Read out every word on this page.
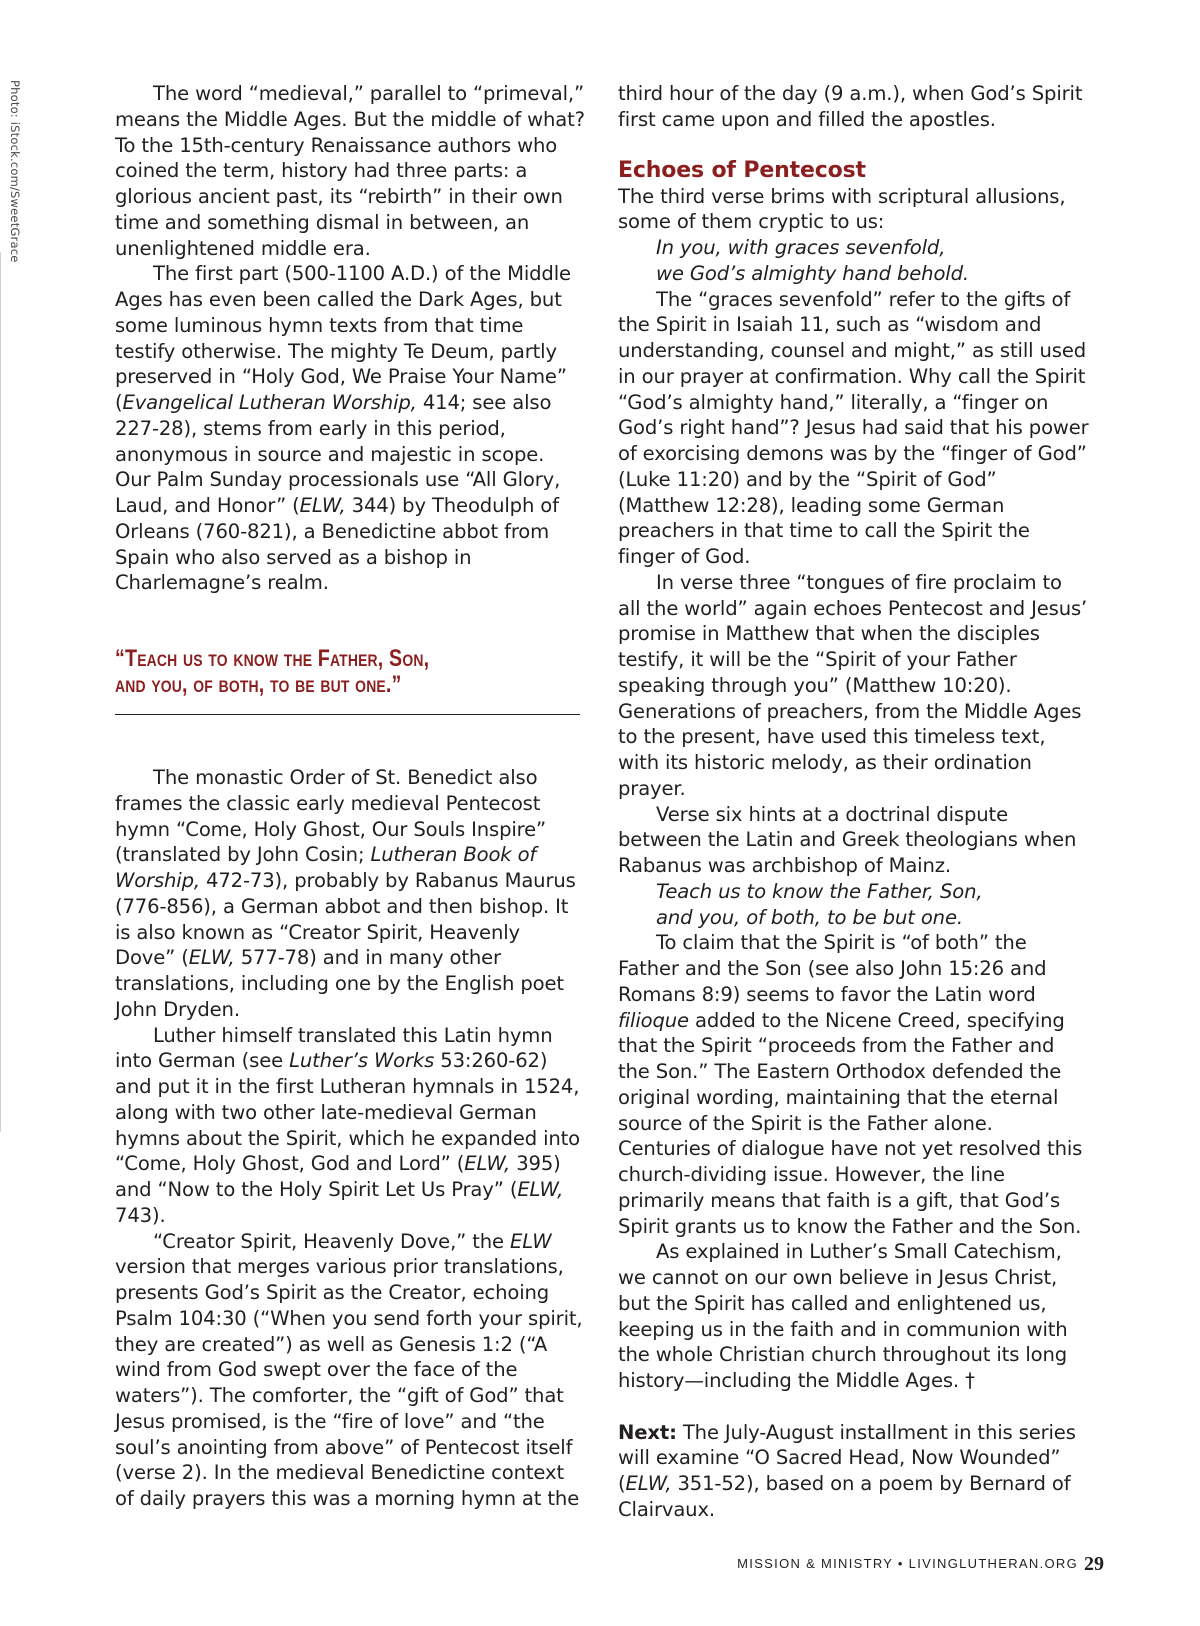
Photo: iStock.com/SweetGrace	The word “medieval,” parallel to “primeval,” means the Middle Ages. But the middle of what? To the 15th-century Renaissance authors who coined the term, history had three parts: a glorious ancient past, its “rebirth” in their own time and something dismal in between, an unenlightened middle era.

The first part (500-1100 A.D.) of the Middle Ages has even been called the Dark Ages, but some luminous hymn texts from that time testify otherwise. The mighty Te Deum, partly preserved in “Holy God, We Praise Your Name” (Evangelical Lutheran Worship, 414; see also 227-28), stems from early in this period, anonymous in source and majestic in scope. Our Palm Sunday processionals use “All Glory, Laud, and Honor” (ELW, 344) by Theodulph of Orleans (760-821), a Benedictine abbot from Spain who also served as a bishop in Charlemagne’s realm.

“Teach us to know the Father, Son,
and you, of both, to be but one.”

The monastic Order of St. Benedict also frames the classic early medieval Pentecost hymn “Come, Holy Ghost, Our Souls Inspire” (translated by John Cosin; Lutheran Book of Worship, 472-73), probably by Rabanus Maurus (776-856), a German abbot and then bishop. It is also known as “Creator Spirit, Heavenly Dove” (ELW, 577-78) and in many other translations, including one by the English poet John Dryden.

Luther himself translated this Latin hymn into German (see Luther’s Works 53:260-62) and put it in the first Lutheran hymnals in 1524, along with two other late-medieval German hymns about the Spirit, which he expanded into “Come, Holy Ghost, God and Lord” (ELW, 395) and “Now to the Holy Spirit Let Us Pray” (ELW, 743).

“Creator Spirit, Heavenly Dove,” the ELW version that merges various prior translations, presents God’s Spirit as the Creator, echoing Psalm 104:30 (“When you send forth your spirit, they are created”) as well as Genesis 1:2 (“A wind from God swept over the face of the waters”). The comforter, the “gift of God” that Jesus promised, is the “fire of love” and “the soul’s anointing from above” of Pentecost itself (verse 2). In the medieval Benedictine context of daily prayers this was a morning hymn at the

third hour of the day (9 a.m.), when God’s Spirit first came upon and filled the apostles.

Echoes of Pentecost

The third verse brims with scriptural allusions, some of them cryptic to us:

In you, with graces sevenfold,
we God’s almighty hand behold.

The “graces sevenfold” refer to the gifts of the Spirit in Isaiah 11, such as “wisdom and understanding, counsel and might,” as still used in our prayer at confirmation. Why call the Spirit “God’s almighty hand,” literally, a “finger on God’s right hand”? Jesus had said that his power of exorcising demons was by the “finger of God” (Luke 11:20) and by the “Spirit of God” (Matthew 12:28), leading some German preachers in that time to call the Spirit the finger of God.

In verse three “tongues of fire proclaim to all the world” again echoes Pentecost and Jesus’ promise in Matthew that when the disciples testify, it will be the “Spirit of your Father speaking through you” (Matthew 10:20). Generations of preachers, from the Middle Ages to the present, have used this timeless text, with its historic melody, as their ordination prayer.

Verse six hints at a doctrinal dispute between the Latin and Greek theologians when Rabanus was archbishop of Mainz.

Teach us to know the Father, Son,
and you, of both, to be but one.

To claim that the Spirit is “of both” the Father and the Son (see also John 15:26 and Romans 8:9) seems to favor the Latin word filioque added to the Nicene Creed, specifying that the Spirit “proceeds from the Father and the Son.” The Eastern Orthodox defended the original wording, maintaining that the eternal source of the Spirit is the Father alone. Centuries of dialogue have not yet resolved this church-dividing issue. However, the line primarily means that faith is a gift, that God’s Spirit grants us to know the Father and the Son.

As explained in Luther’s Small Catechism, we cannot on our own believe in Jesus Christ, but the Spirit has called and enlightened us, keeping us in the faith and in communion with the whole Christian church throughout its long history—including the Middle Ages. †

Next: The July-August installment in this series will examine “O Sacred Head, Now Wounded” (ELW, 351-52), based on a poem by Bernard of Clairvaux.

MISSION & MINISTRY • LIVINGLUTHERAN.ORG 29
